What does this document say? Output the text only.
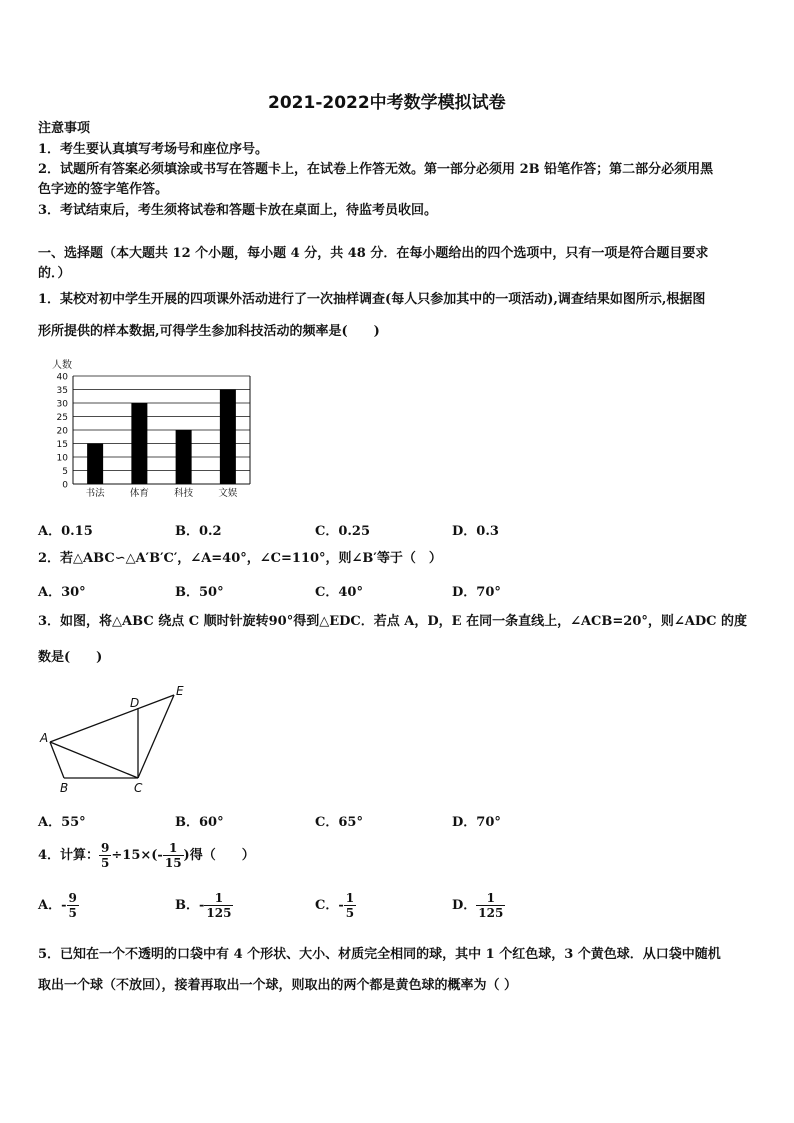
2021-2022中考数学模拟试卷
注意事项
1．考生要认真填写考场号和座位序号。
2．试题所有答案必须填涂或书写在答题卡上，在试卷上作答无效。第一部分必须用 2B 铅笔作答；第二部分必须用黑
色字迹的签字笔作答。
3．考试结束后，考生须将试卷和答题卡放在桌面上，待监考员收回。
一、选择题（本大题共 12 个小题，每小题 4 分，共 48 分．在每小题给出的四个选项中，只有一项是符合题目要求
的．）
1．某校对初中学生开展的四项课外活动进行了一次抽样调查(每人只参加其中的一项活动),调查结果如图所示,根据图
形所提供的样本数据,可得学生参加科技活动的频率是(　　)
0
5
10
15
20
25
30
35
40
人数
书法	体育	科技	文娱
A．0.15	B．0.2	C．0.25	D．0.3
2．若△ABC∽△A′B′C′，∠A=40°，∠C=110°，则∠B′等于（　）
A．30°	B．50°	C．40°	D．70°
3．如图，将△ABC 绕点 C 顺时针旋转90°得到△EDC．若点 A，D，E 在同一条直线上，∠ACB=20°，则∠ADC 的度
数是(　　)
E
D
A
B	C
A．55°	B．60°	C．65°	D．70°
4．计算： $\frac{9}{5} \div 15\times(- \frac{1}{15}$ )得（　　）
A．- $\frac{9}{5}$	B．- $\frac{1}{125}$	C．- $\frac{1}{5}$	D． $\frac{1}{125}$
5．已知在一个不透明的口袋中有 4 个形状、大小、材质完全相同的球，其中 1 个红色球，3 个黄色球．从口袋中随机
取出一个球（不放回），接着再取出一个球，则取出的两个都是黄色球的概率为（ ）
